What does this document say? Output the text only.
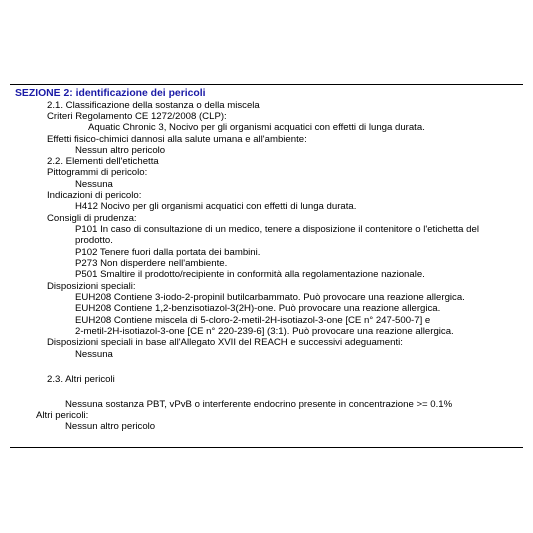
SEZIONE 2: identificazione dei pericoli
2.1. Classificazione della sostanza o della miscela
Criteri Regolamento CE 1272/2008 (CLP):
Aquatic Chronic 3, Nocivo per gli organismi acquatici con effetti di lunga durata.
Effetti fisico-chimici dannosi alla salute umana e all'ambiente:
Nessun altro pericolo
2.2. Elementi dell'etichetta
Pittogrammi di pericolo:
Nessuna
Indicazioni di pericolo:
H412 Nocivo per gli organismi acquatici con effetti di lunga durata.
Consigli di prudenza:
P101 In caso di consultazione di un medico, tenere a disposizione il contenitore o l'etichetta del
prodotto.
P102 Tenere fuori dalla portata dei bambini.
P273 Non disperdere nell'ambiente.
P501 Smaltire il prodotto/recipiente in conformità alla regolamentazione nazionale.
Disposizioni speciali:
EUH208 Contiene 3-iodo-2-propinil butilcarbammato. Può provocare una reazione allergica.
EUH208 Contiene 1,2-benzisotiazol-3(2H)-one. Può provocare una reazione allergica.
EUH208 Contiene miscela di 5-cloro-2-metil-2H-isotiazol-3-one [CE n° 247-500-7] e
2-metil-2H-isotiazol-3-one [CE n° 220-239-6] (3:1). Può provocare una reazione allergica.
Disposizioni speciali in base all'Allegato XVII del REACH e successivi adeguamenti:
Nessuna
2.3. Altri pericoli
Nessuna sostanza PBT, vPvB o interferente endocrino presente in concentrazione >= 0.1%
Altri pericoli:
Nessun altro pericolo
